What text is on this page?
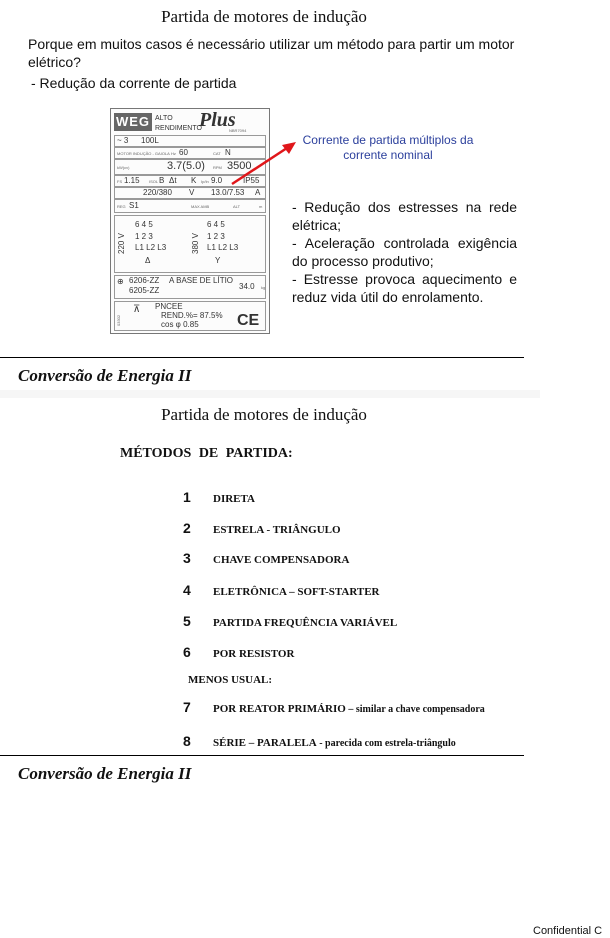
Partida de motores de indução
Porque em muitos casos é necessário utilizar um método para partir um motor elétrico?
- Redução da corrente de partida
WEG ALTO Plus
RENDIMENTO	NBR7094
~ 3 100L
MOTOR INDUÇÃO - GAIOLA Hz 60	CAT N
kW(cv)	3.7(5.0) RPM 3500
FS 1.15 ISOL B Δt K Ip/In 9.0	IP55
220/380 V 13.0/7.53 A
REG S1	MAX AMB	ALT	m
220 V
6 4 5
1 2 3
L1 L2 L3
Δ
380 V
6 4 5
1 2 3
L1 L2 L3
Y
⊕ 6206-ZZ
6205-ZZ
A BASE DE LÍTIO
34.0 kg
03302
⊼ PNCEE
REND.%= 87.5%
cos φ 0.85 CE
Corrente de partida múltiplos da corrente nominal
- Redução dos estresses na rede elétrica;
- Aceleração controlada exigência do processo produtivo;
- Estresse provoca aquecimento e reduz vida útil do enrolamento.
Conversão de Energia II
Partida de motores de indução
MÉTODOS DE PARTIDA:
1 DIRETA
2 ESTRELA - TRIÂNGULO
3 CHAVE COMPENSADORA
4 ELETRÔNICA – SOFT-STARTER
5 PARTIDA FREQUÊNCIA VARIÁVEL
6 POR RESISTOR
MENOS USUAL:
7 POR REATOR PRIMÁRIO – similar a chave compensadora
8 SÉRIE – PARALELA - parecida com estrela-triângulo
Conversão de Energia II
Confidential C
